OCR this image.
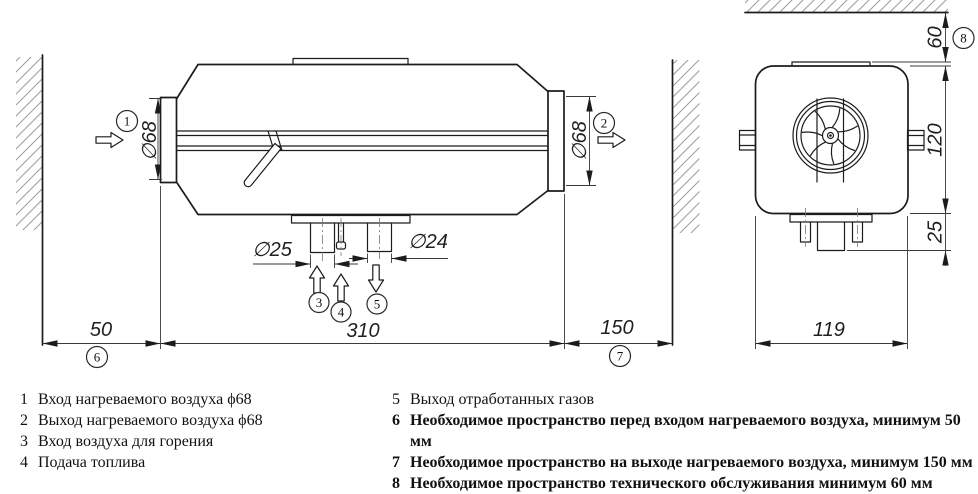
∅68	∅68
∅25	∅24
50	310	150
1	2
3
4
5
6	7
60
120
25
119
8
1 Вход нагреваемого воздуха ϕ68
2 Выход нагреваемого воздуха ϕ68
3 Вход воздуха для горения
4 Подача топлива
5 Выход отработанных газов
6 Необходимое пространство перед входом нагреваемого воздуха, минимум 50 мм
7 Необходимое пространство на выходе нагреваемого воздуха, минимум 150 мм
8 Необходимое пространство технического обслуживания минимум 60 мм
